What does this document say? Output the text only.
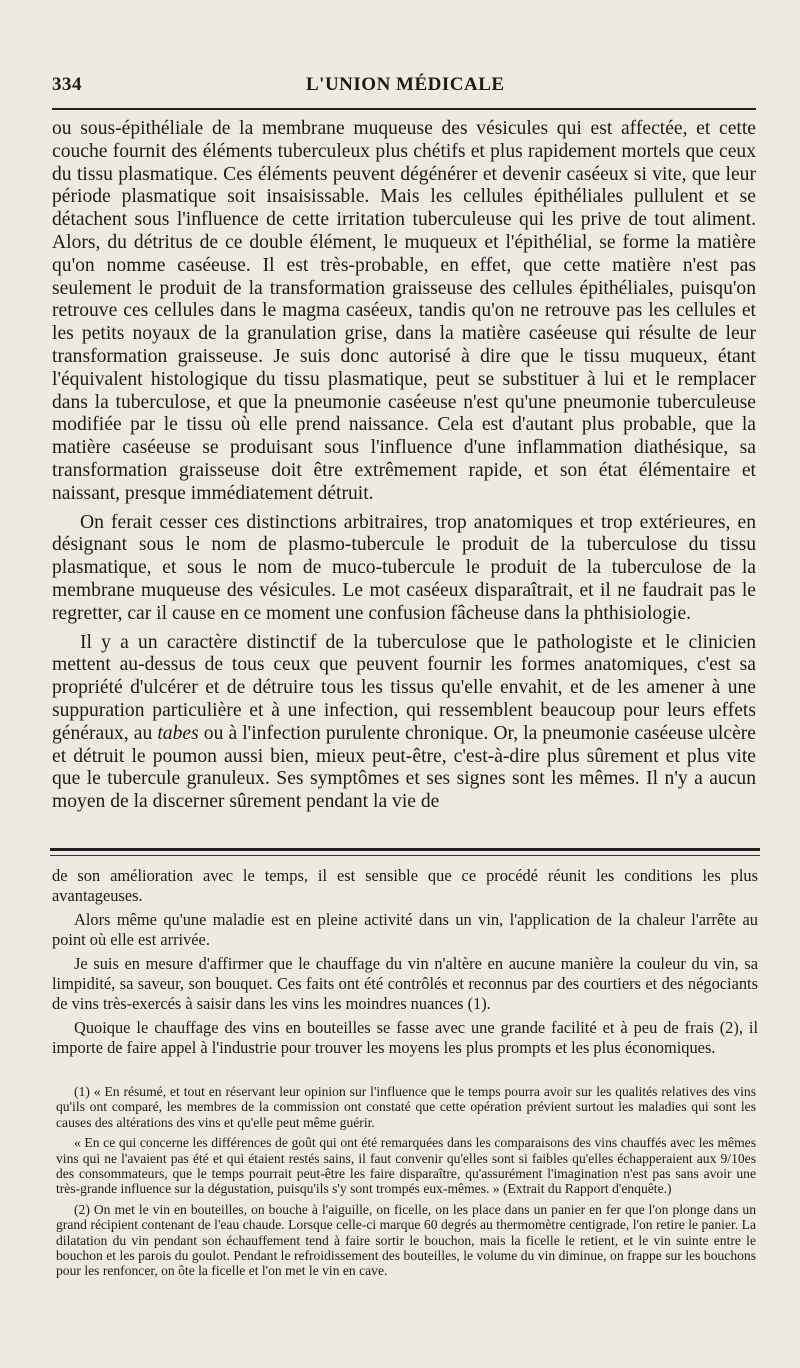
334	L'UNION MÉDICALE

ou sous-épithéliale de la membrane muqueuse des vésicules qui est affectée, et cette couche fournit des éléments tuberculeux plus chétifs et plus rapidement mortels que ceux du tissu plasmatique. Ces éléments peuvent dégénérer et devenir caséeux si vite, que leur période plasmatique soit insaisissable. Mais les cellules épithéliales pullulent et se détachent sous l'influence de cette irritation tuberculeuse qui les prive de tout aliment. Alors, du détritus de ce double élément, le muqueux et l'épithélial, se forme la matière qu'on nomme caséeuse. Il est très-probable, en effet, que cette matière n'est pas seulement le produit de la transformation graisseuse des cellules épithéliales, puisqu'on retrouve ces cellules dans le magma caséeux, tandis qu'on ne retrouve pas les cellules et les petits noyaux de la granulation grise, dans la matière caséeuse qui résulte de leur transformation graisseuse. Je suis donc autorisé à dire que le tissu muqueux, étant l'équivalent histologique du tissu plasmatique, peut se substituer à lui et le remplacer dans la tuberculose, et que la pneumonie caséeuse n'est qu'une pneumonie tuberculeuse modifiée par le tissu où elle prend naissance. Cela est d'autant plus probable, que la matière caséeuse se produisant sous l'influence d'une inflammation diathésique, sa transformation graisseuse doit être extrêmement rapide, et son état élémentaire et naissant, presque immédiatement détruit.

On ferait cesser ces distinctions arbitraires, trop anatomiques et trop extérieures, en désignant sous le nom de plasmo-tubercule le produit de la tuberculose du tissu plasmatique, et sous le nom de muco-tubercule le produit de la tuberculose de la membrane muqueuse des vésicules. Le mot caséeux disparaîtrait, et il ne faudrait pas le regretter, car il cause en ce moment une confusion fâcheuse dans la phthisiologie.

Il y a un caractère distinctif de la tuberculose que le pathologiste et le clinicien mettent au-dessus de tous ceux que peuvent fournir les formes anatomiques, c'est sa propriété d'ulcérer et de détruire tous les tissus qu'elle envahit, et de les amener à une suppuration particulière et à une infection, qui ressemblent beaucoup pour leurs effets généraux, au tabes ou à l'infection purulente chronique. Or, la pneumonie caséeuse ulcère et détruit le poumon aussi bien, mieux peut-être, c'est-à-dire plus sûrement et plus vite que le tubercule granuleux. Ses symptômes et ses signes sont les mêmes. Il n'y a aucun moyen de la discerner sûrement pendant la vie de

de son amélioration avec le temps, il est sensible que ce procédé réunit les conditions les plus avantageuses.

Alors même qu'une maladie est en pleine activité dans un vin, l'application de la chaleur l'arrête au point où elle est arrivée.

Je suis en mesure d'affirmer que le chauffage du vin n'altère en aucune manière la couleur du vin, sa limpidité, sa saveur, son bouquet. Ces faits ont été contrôlés et reconnus par des courtiers et des négociants de vins très-exercés à saisir dans les vins les moindres nuances (1).

Quoique le chauffage des vins en bouteilles se fasse avec une grande facilité et à peu de frais (2), il importe de faire appel à l'industrie pour trouver les moyens les plus prompts et les plus économiques.

(1) « En résumé, et tout en réservant leur opinion sur l'influence que le temps pourra avoir sur les qualités relatives des vins qu'ils ont comparé, les membres de la commission ont constaté que cette opération prévient surtout les maladies qui sont les causes des altérations des vins et qu'elle peut même guérir.

« En ce qui concerne les différences de goût qui ont été remarquées dans les comparaisons des vins chauffés avec les mêmes vins qui ne l'avaient pas été et qui étaient restés sains, il faut convenir qu'elles sont si faibles qu'elles échapperaient aux 9/10es des consommateurs, que le temps pourrait peut-être les faire disparaître, qu'assurément l'imagination n'est pas sans avoir une très-grande influence sur la dégustation, puisqu'ils s'y sont trompés eux-mêmes. » (Extrait du Rapport d'enquête.)

(2) On met le vin en bouteilles, on bouche à l'aiguille, on ficelle, on les place dans un panier en fer que l'on plonge dans un grand récipient contenant de l'eau chaude. Lorsque celle-ci marque 60 degrés au thermomètre centigrade, l'on retire le panier. La dilatation du vin pendant son échauffement tend à faire sortir le bouchon, mais la ficelle le retient, et le vin suinte entre le bouchon et les parois du goulot. Pendant le refroidissement des bouteilles, le volume du vin diminue, on frappe sur les bouchons pour les renfoncer, on ôte la ficelle et l'on met le vin en cave.
